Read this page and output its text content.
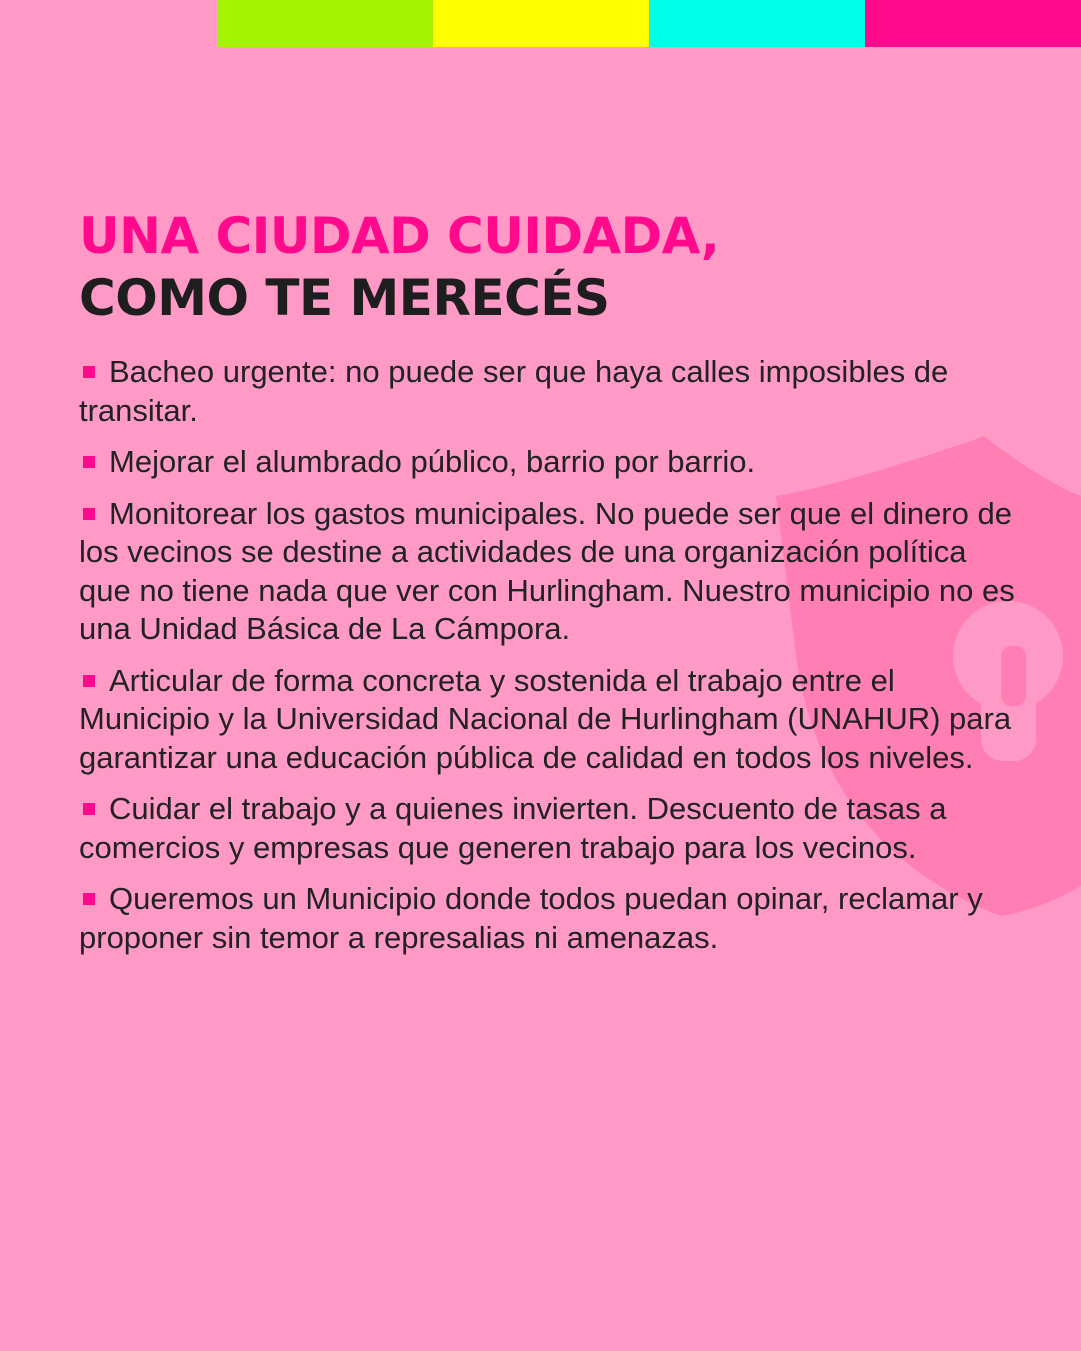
UNA CIUDAD CUIDADA,
COMO TE MERECÉS
Bacheo urgente: no puede ser que haya calles imposibles de transitar.
Mejorar el alumbrado público, barrio por barrio.
Monitorear los gastos municipales. No puede ser que el dinero de los vecinos se destine a actividades de una organización política que no tiene nada que ver con Hurlingham. Nuestro municipio no es una Unidad Básica de La Cámpora.
Articular de forma concreta y sostenida el trabajo entre el Municipio y la Universidad Nacional de Hurlingham (UNAHUR) para garantizar una educación pública de calidad en todos los niveles.
Cuidar el trabajo y a quienes invierten. Descuento de tasas a comercios y empresas que generen trabajo para los vecinos.
Queremos un Municipio donde todos puedan opinar, reclamar y proponer sin temor a represalias ni amenazas.
